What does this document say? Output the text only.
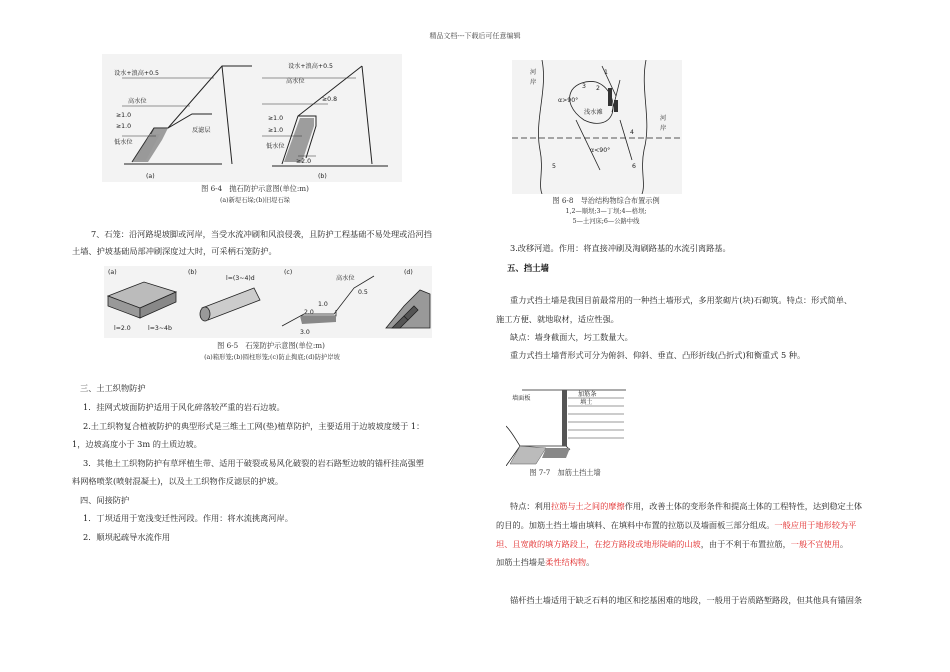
精品文档---下载后可任意编辑
设水+浪高+0.5
高水位
≥1.0
≥1.0
低水位
反滤层
(a)
设水+浪高+0.5
高水位
≥0.8
≥1.0
≥1.0
低水位
≥2.0
(b)
图 6-4　抛石防护示意图(单位:m)
(a)新堤石垛;(b)旧堤石垛
7、石笼：沿河路堤坡脚或河岸，当受水流冲刷和风浪侵袭，且防护工程基础不易处理或沿河挡
土墙、护坡基础局部冲刷深度过大时，可采柄石笼防护。
(a)
l=2.0	l=3~4b
(b)
l=(3~4)d
(c)
高水位
0.5
1.0
2.0
3.0
(d)
图 6-5　石笼防护示意图(单位:m)
(a)箱形笼;(b)圆柱形笼;(c)防止掏底;(d)防护岸坡
三、土工织物防护
1．挂网式坡面防护适用于风化碎落较严重的岩石边坡。
2.土工织物复合植被防护的典型形式是三维土工网(垫)植草防护，主要适用于边坡坡度缓于 1：
1，边坡高度小于 3m 的土质边坡。
3．其他土工织物防护有草坪植生带、适用于破裂或易风化破裂的岩石路堑边坡的锚杆挂高强塑
料网格喷浆(喷射混凝土)，以及土工织物作反滤层的护坡。
四、间接防护
1．丁坝适用于宽浅变迁性河段。作用：将水流挑离河岸。
2．顺坝起疏导水流作用
河
岸
河
岸
1
2
3
4
5	6
浅水滩
α>90°
α<90°
图 6-8　导治结构物综合布置示例
1,2—顺坝;3—丁坝;4—格坝;
5—土河床;6—公路中线
3.改移河道。作用：将直接冲刷及淘刷路基的水流引离路基。
五、挡土墙
重力式挡土墙是我国目前最常用的一种挡土墙形式，多用浆砌片(块)石砌筑。特点：形式简单、
施工方便、就地取材，适应性强。
缺点：墙身截面大，圬工数量大。
重力式挡土墙背形式可分为俯斜、仰斜、垂直、凸形折线(凸折式)和衡重式 5 种。
墙面板
加筋条
填土
图 7-7　加筋土挡土墙
特点：利用拉筋与土之间的摩擦作用，改善土体的变形条件和提高土体的工程特性，达到稳定土体
的目的。加筋土挡土墙由填料、在填料中布置的拉筋以及墙面板三部分组成。一般应用于地形较为平
坦、且宽敞的填方路段上，在挖方路段或地形陡峭的山坡，由于不利于布置拉筋，一般不宜使用。
加筋土挡墙是柔性结构物。
锚杆挡土墙适用于缺乏石料的地区和挖基困难的地段，一般用于岩质路堑路段，但其他具有锚固条
